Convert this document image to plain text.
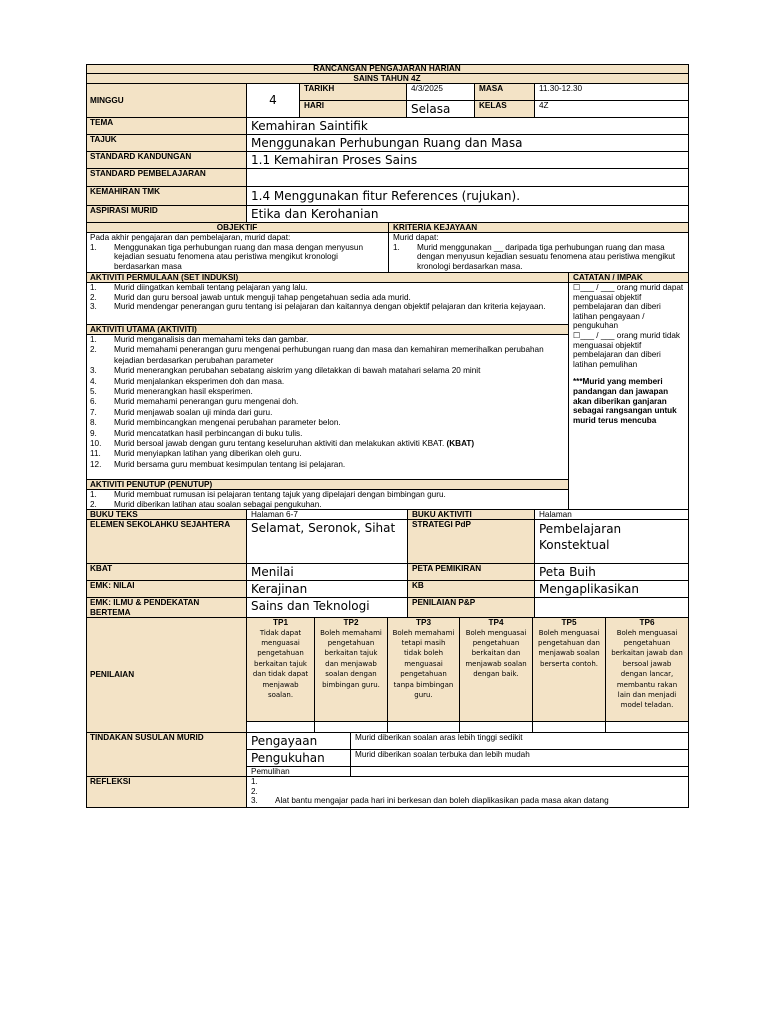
RANCANGAN PENGAJARAN HARIAN
SAINS TAHUN 4Z
MINGGU	4
TARIKH	4/3/2025	MASA	11.30-12.30
HARI	Selasa	KELAS	4Z
TEMA	Kemahiran Saintifik
TAJUK	Menggunakan Perhubungan Ruang dan Masa
STANDARD KANDUNGAN	1.1 Kemahiran Proses Sains
STANDARD PEMBELAJARAN
KEMAHIRAN TMK	1.4 Menggunakan fitur References (rujukan).
ASPIRASI MURID	Etika dan Kerohanian
OBJEKTIF	KRITERIA KEJAYAAN
Pada akhir pengajaran dan pembelajaran, murid dapat:
1. Menggunakan tiga perhubungan ruang dan masa dengan menyusun kejadian sesuatu fenomena atau peristiwa mengikut kronologi berdasarkan masa
Murid dapat:
1. Murid menggunakan __ daripada tiga perhubungan ruang dan masa dengan menyusun kejadian sesuatu fenomena atau peristiwa mengikut kronologi berdasarkan masa.
AKTIVITI PERMULAAN (SET INDUKSI)
1. Murid diingatkan kembali tentang pelajaran yang lalu.
2. Murid dan guru bersoal jawab untuk menguji tahap pengetahuan sedia ada murid.
3. Murid mendengar penerangan guru tentang isi pelajaran dan kaitannya dengan objektif pelajaran dan kriteria kejayaan.
AKTIVITI UTAMA (AKTIVITI)
1. Murid menganalisis dan memahami teks dan gambar.
2. Murid memahami penerangan guru mengenai perhubungan ruang dan masa dan kemahiran memerihalkan perubahan kejadian berdasarkan perubahan parameter
3. Murid menerangkan perubahan sebatang aiskrim yang diletakkan di bawah matahari selama 20 minit
4. Murid menjalankan eksperimen doh dan masa.
5. Murid menerangkan hasil eksperimen.
6. Murid memahami penerangan guru mengenai doh.
7. Murid menjawab soalan uji minda dari guru.
8. Murid membincangkan mengenai perubahan parameter belon.
9. Murid mencatatkan hasil perbincangan di buku tulis.
10. Murid bersoal jawab dengan guru tentang keseluruhan aktiviti dan melakukan aktiviti KBAT. (KBAT)
11. Murid menyiapkan latihan yang diberikan oleh guru.
12. Murid bersama guru membuat kesimpulan tentang isi pelajaran.
AKTIVITI PENUTUP (PENUTUP)
1. Murid membuat rumusan isi pelajaran tentang tajuk yang dipelajari dengan bimbingan guru.
2. Murid diberikan latihan atau soalan sebagai pengukuhan.
CATATAN / IMPAK
☐___ / ___ orang murid dapat menguasai objektif pembelajaran dan diberi latihan pengayaan / pengukuhan
☐___ / ___ orang murid tidak menguasai objektif pembelajaran dan diberi latihan pemulihan
***Murid yang memberi pandangan dan jawapan akan diberikan ganjaran sebagai rangsangan untuk murid terus mencuba
BUKU TEKS	Halaman 6-7	BUKU AKTIVITI	Halaman
ELEMEN SEKOLAHKU SEJAHTERA	Selamat, Seronok, Sihat	STRATEGI PdP	Pembelajaran Konstektual
KBAT	Menilai	PETA PEMIKIRAN	Peta Buih
EMK: NILAI	Kerajinan	KB	Mengaplikasikan
EMK: ILMU & PENDEKATAN BERTEMA	Sains dan Teknologi	PENILAIAN P&P
PENILAIAN
TP1
Tidak dapat menguasai pengetahuan berkaitan tajuk dan tidak dapat menjawab soalan.
TP2
Boleh memahami pengetahuan berkaitan tajuk dan menjawab soalan dengan bimbingan guru.
TP3
Boleh memahami tetapi masih tidak boleh menguasai pengetahuan tanpa bimbingan guru.
TP4
Boleh menguasai pengetahuan berkaitan dan menjawab soalan dengan baik.
TP5
Boleh menguasai pengetahuan dan menjawab soalan berserta contoh.
TP6
Boleh menguasai pengetahuan berkaitan jawab dan bersoal jawab dengan lancar, membantu rakan lain dan menjadi model teladan.
TINDAKAN SUSULAN MURID	Pengayaan	Murid diberikan soalan aras lebih tinggi sedikit
Pengukuhan	Murid diberikan soalan terbuka dan lebih mudah
Pemulihan
REFLEKSI	1.

2.

3. Alat bantu mengajar pada hari ini berkesan dan boleh diaplikasikan pada masa akan datang
